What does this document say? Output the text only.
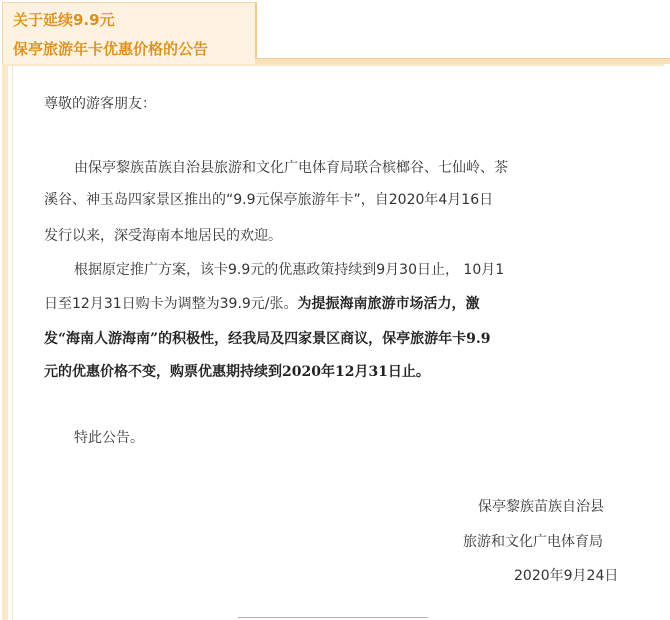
关于延续9.9元
保亭旅游年卡优惠价格的公告
尊敬的游客朋友：
由保亭黎族苗族自治县旅游和文化广电体育局联合槟榔谷、七仙岭、茶
溪谷、神玉岛四家景区推出的“9.9元保亭旅游年卡”，自2020年4月16日
发行以来，深受海南本地居民的欢迎。
根据原定推广方案，该卡9.9元的优惠政策持续到9月30日止， 10月1
日至12月31日购卡为调整为39.9元/张。为提振海南旅游市场活力，激
发“海南人游海南”的积极性，经我局及四家景区商议，保亭旅游年卡9.9
元的优惠价格不变，购票优惠期持续到2020年12月31日止。
特此公告。
保亭黎族苗族自治县
旅游和文化广电体育局
2020年9月24日
